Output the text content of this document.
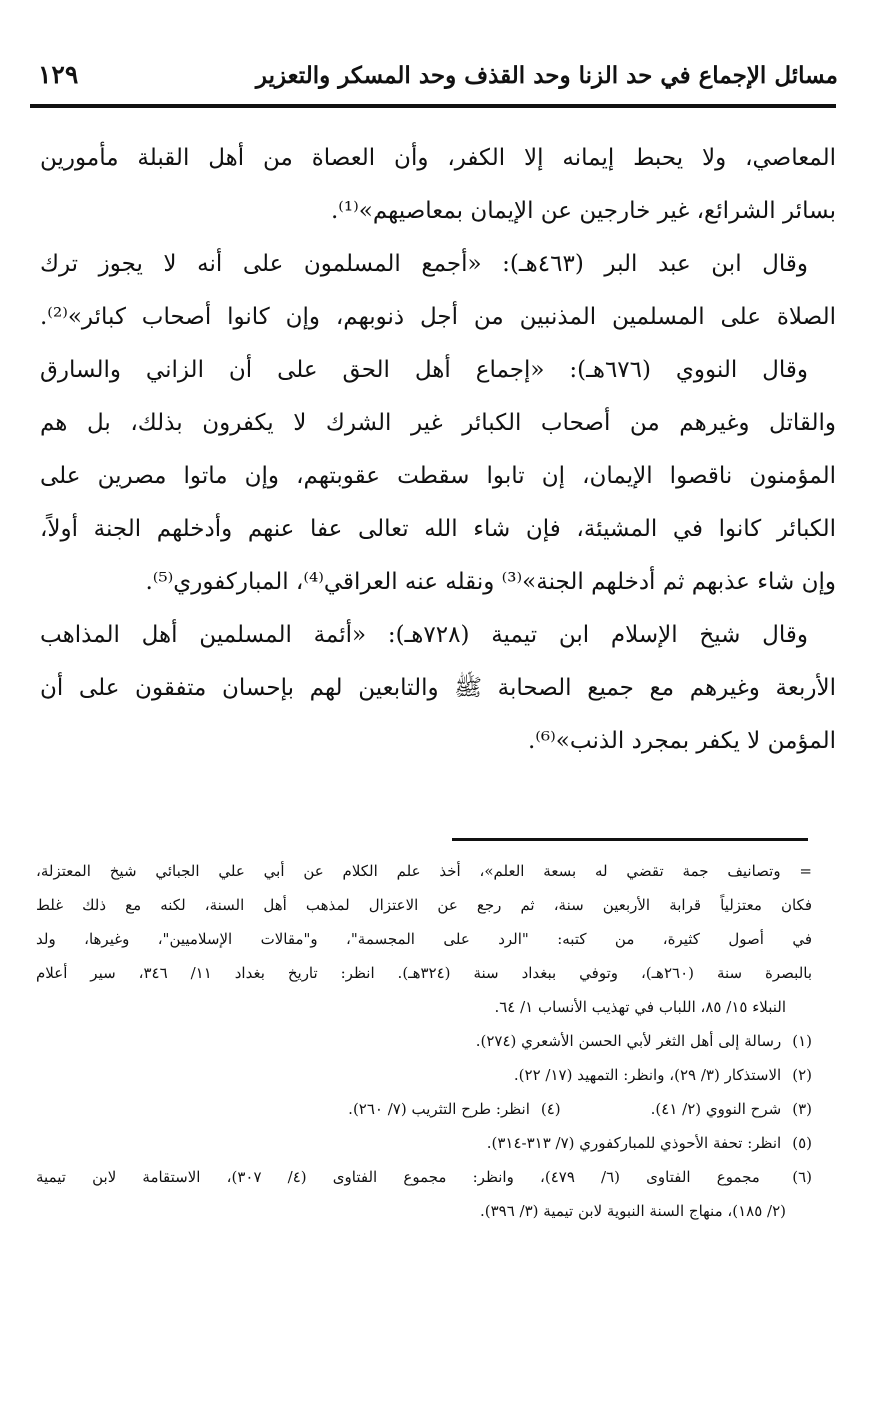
مسائل الإجماع في حد الزنا وحد القذف وحد المسكر والتعزير
١٢٩
المعاصي، ولا يحبط إيمانه إلا الكفر، وأن العصاة من أهل القبلة مأمورين
بسائر الشرائع، غير خارجين عن الإيمان بمعاصيهم»⁽¹⁾.
وقال ابن عبد البر (٤٦٣هـ): «أجمع المسلمون على أنه لا يجوز ترك
الصلاة على المسلمين المذنبين من أجل ذنوبهم، وإن كانوا أصحاب كبائر»⁽²⁾.
وقال النووي (٦٧٦هـ): «إجماع أهل الحق على أن الزاني والسارق
والقاتل وغيرهم من أصحاب الكبائر غير الشرك لا يكفرون بذلك، بل هم
المؤمنون ناقصوا الإيمان، إن تابوا سقطت عقوبتهم، وإن ماتوا مصرين على
الكبائر كانوا في المشيئة، فإن شاء الله تعالى عفا عنهم وأدخلهم الجنة أولاً،
وإن شاء عذبهم ثم أدخلهم الجنة»⁽³⁾ ونقله عنه العراقي⁽⁴⁾، المباركفوري⁽⁵⁾.
وقال شيخ الإسلام ابن تيمية (٧٢٨هـ): «أئمة المسلمين أهل المذاهب
الأربعة وغيرهم مع جميع الصحابة ﷺ والتابعين لهم بإحسان متفقون على أن
المؤمن لا يكفر بمجرد الذنب»⁽⁶⁾.
= وتصانيف جمة تقضي له بسعة العلم»، أخذ علم الكلام عن أبي علي الجبائي شيخ المعتزلة،
فكان معتزلياً قرابة الأربعين سنة، ثم رجع عن الاعتزال لمذهب أهل السنة، لكنه مع ذلك غلط
في أصول كثيرة، من كتبه: "الرد على المجسمة"، و"مقالات الإسلاميين"، وغيرها، ولد
بالبصرة سنة (٢٦٠هـ)، وتوفي ببغداد سنة (٣٢٤هـ). انظر: تاريخ بغداد ١١/ ٣٤٦، سير أعلام
النبلاء ١٥/ ٨٥، اللباب في تهذيب الأنساب ١/ ٦٤.
(١) رسالة إلى أهل الثغر لأبي الحسن الأشعري (٢٧٤).
(٢) الاستذكار (٣/ ٢٩)، وانظر: التمهيد (١٧/ ٢٢).
(٣) شرح النووي (٢/ ٤١).
(٤) انظر: طرح التثريب (٧/ ٢٦٠).
(٥) انظر: تحفة الأحوذي للمباركفوري (٧/ ٣١٣-٣١٤).
(٦) مجموع الفتاوى (٦/ ٤٧٩)، وانظر: مجموع الفتاوى (٤/ ٣٠٧)، الاستقامة لابن تيمية
(٢/ ١٨٥)، منهاج السنة النبوية لابن تيمية (٣/ ٣٩٦).
